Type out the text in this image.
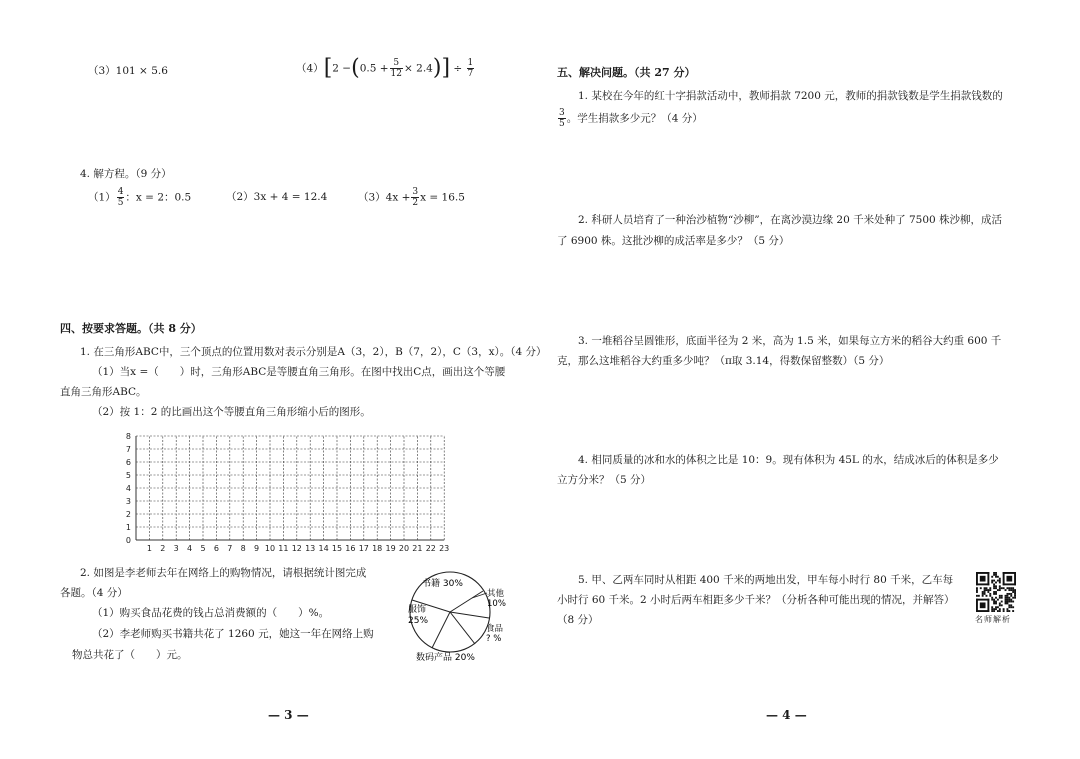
（3）101 × 5.6	$(4)[2 -(0.5 + \frac{5}{12} \times 2.4)] \div \frac{1}{7}$
4. 解方程。（9 分）
$(1) \frac{4}{5}$ ：x = 2：0.5	（2）3x + 4 = 12.4	$(3)4x + \frac{3}{2}$ x = 16.5
四、按要求答题。（共 8 分）
1. 在三角形ABC中，三个顶点的位置用数对表示分别是A（3，2），B（7，2），C（3，x）。（4 分）
（1）当x =（　　）时，三角形ABC是等腰直角三角形。在图中找出C点，画出这个等腰
直角三角形ABC。
（2）按 1：2 的比画出这个等腰直角三角形缩小后的图形。
1 2 3 4 5 6 7 8 9 10 11 12 13 14 15 16 17 18 19 20 21 22 23
0
1
2
3
4
5
6
7
8
2. 如图是李老师去年在网络上的购物情况，请根据统计图完成
各题。（4 分）
（1）购买食品花费的钱占总消费额的（　　）%。
（2）李老师购买书籍共花了 1260 元，她这一年在网络上购
物总共花了（　　）元。
书籍 30%
其他
10%
服饰
25%
食品
? %
数码产品 20%
— 3 —
五、解决问题。（共 27 分）
1. 某校在今年的红十字捐款活动中，教师捐款 7200 元，教师的捐款钱数是学生捐款钱数的
$\frac{3}{5}$ 。学生捐款多少元？（4 分）
2. 科研人员培育了一种治沙植物“沙柳”，在离沙漠边缘 20 千米处种了 7500 株沙柳，成活
了 6900 株。这批沙柳的成活率是多少？（5 分）
3. 一堆稻谷呈圆锥形，底面半径为 2 米，高为 1.5 米，如果每立方米的稻谷大约重 600 千
克，那么这堆稻谷大约重多少吨？（π取 3.14，得数保留整数）（5 分）
4. 相同质量的冰和水的体积之比是 10：9。现有体积为 45L 的水，结成冰后的体积是多少
立方分米？（5 分）
5. 甲、乙两车同时从相距 400 千米的两地出发，甲车每小时行 80 千米，乙车每
小时行 60 千米。2 小时后两车相距多少千米？（分析各种可能出现的情况，并解答）
（8 分）	名师解析
— 4 —
